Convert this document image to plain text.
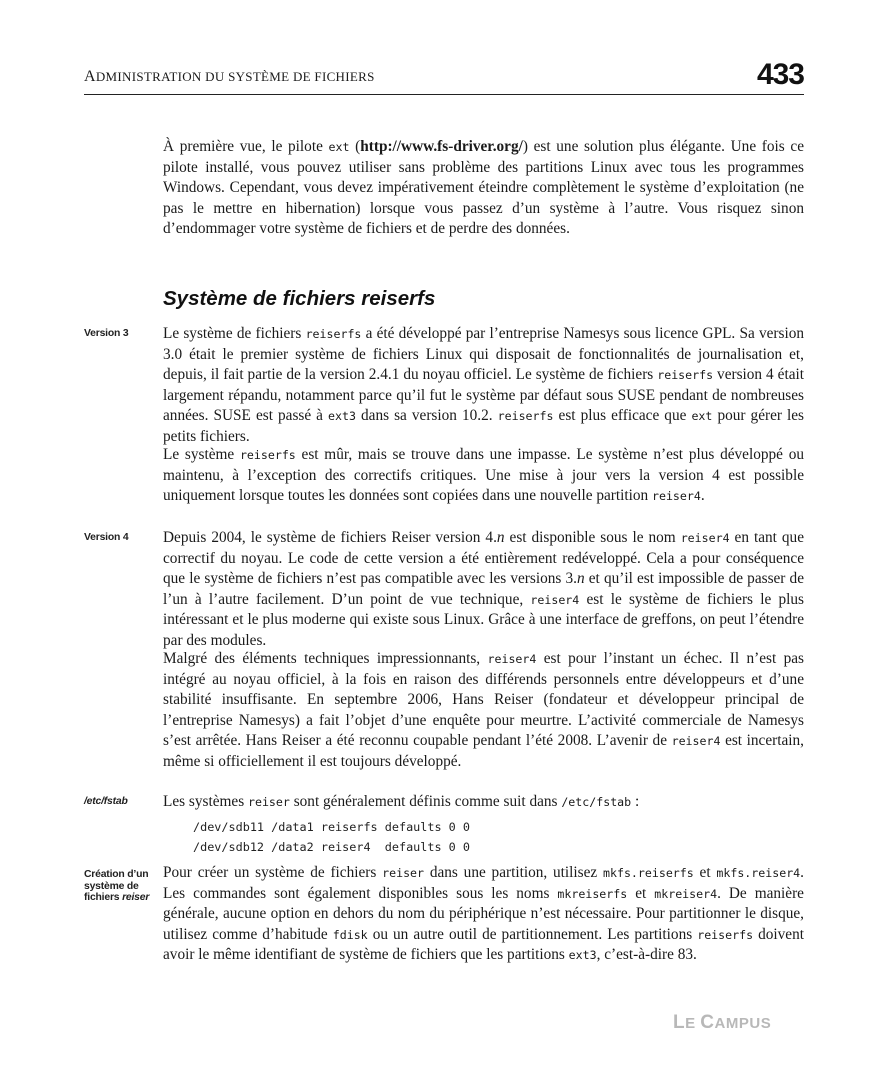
ADMINISTRATION DU SYSTÈME DE FICHIERS	433

À première vue, le pilote ext (http://www.fs-driver.org/) est une solution plus élégante. Une fois ce pilote installé, vous pouvez utiliser sans problème des partitions Linux avec tous les programmes Windows. Cependant, vous devez impérativement éteindre complètement le système d’exploitation (ne pas le mettre en hibernation) lorsque vous passez d’un système à l’autre. Vous risquez sinon d’endommager votre système de fichiers et de perdre des données.

Système de fichiers reiserfs
Version 3
Version 4
/etc/fstab
Création d’un
système de
fichiers reiser

Le système de fichiers reiserfs a été développé par l’entreprise Namesys sous licence GPL. Sa version 3.0 était le premier système de fichiers Linux qui disposait de fonctionnalités de journalisation et, depuis, il fait partie de la version 2.4.1 du noyau officiel. Le système de fichiers reiserfs version 4 était largement répandu, notamment parce qu’il fut le système par défaut sous SUSE pendant de nombreuses années. SUSE est passé à ext3 dans sa version 10.2. reiserfs est plus efficace que ext pour gérer les petits fichiers.

Le système reiserfs est mûr, mais se trouve dans une impasse. Le système n’est plus développé ou maintenu, à l’exception des correctifs critiques. Une mise à jour vers la version 4 est possible uniquement lorsque toutes les données sont copiées dans une nouvelle partition reiser4.

Depuis 2004, le système de fichiers Reiser version 4.n est disponible sous le nom reiser4 en tant que correctif du noyau. Le code de cette version a été entièrement redéveloppé. Cela a pour conséquence que le système de fichiers n’est pas compatible avec les versions 3.n et qu’il est impossible de passer de l’un à l’autre facilement. D’un point de vue technique, reiser4 est le système de fichiers le plus intéressant et le plus moderne qui existe sous Linux. Grâce à une interface de greffons, on peut l’étendre par des modules.

Malgré des éléments techniques impressionnants, reiser4 est pour l’instant un échec. Il n’est pas intégré au noyau officiel, à la fois en raison des différends personnels entre développeurs et d’une stabilité insuffisante. En septembre 2006, Hans Reiser (fondateur et développeur principal de l’entreprise Namesys) a fait l’objet d’une enquête pour meurtre. L’activité commerciale de Namesys s’est arrêtée. Hans Reiser a été reconnu coupable pendant l’été 2008. L’avenir de reiser4 est incertain, même si officiellement il est toujours développé.

Les systèmes reiser sont généralement définis comme suit dans /etc/fstab :

/dev/sdb11 /data1 reiserfs defaults 0 0
/dev/sdb12 /data2 reiser4  defaults 0 0

Pour créer un système de fichiers reiser dans une partition, utilisez mkfs.reiserfs et mkfs.reiser4. Les commandes sont également disponibles sous les noms mkreiserfs et mkreiser4. De manière générale, aucune option en dehors du nom du périphérique n’est nécessaire. Pour partitionner le disque, utilisez comme d’habitude fdisk ou un autre outil de partitionnement. Les partitions reiserfs doivent avoir le même identifiant de système de fichiers que les partitions ext3, c’est-à-dire 83.

LE CAMPUS
